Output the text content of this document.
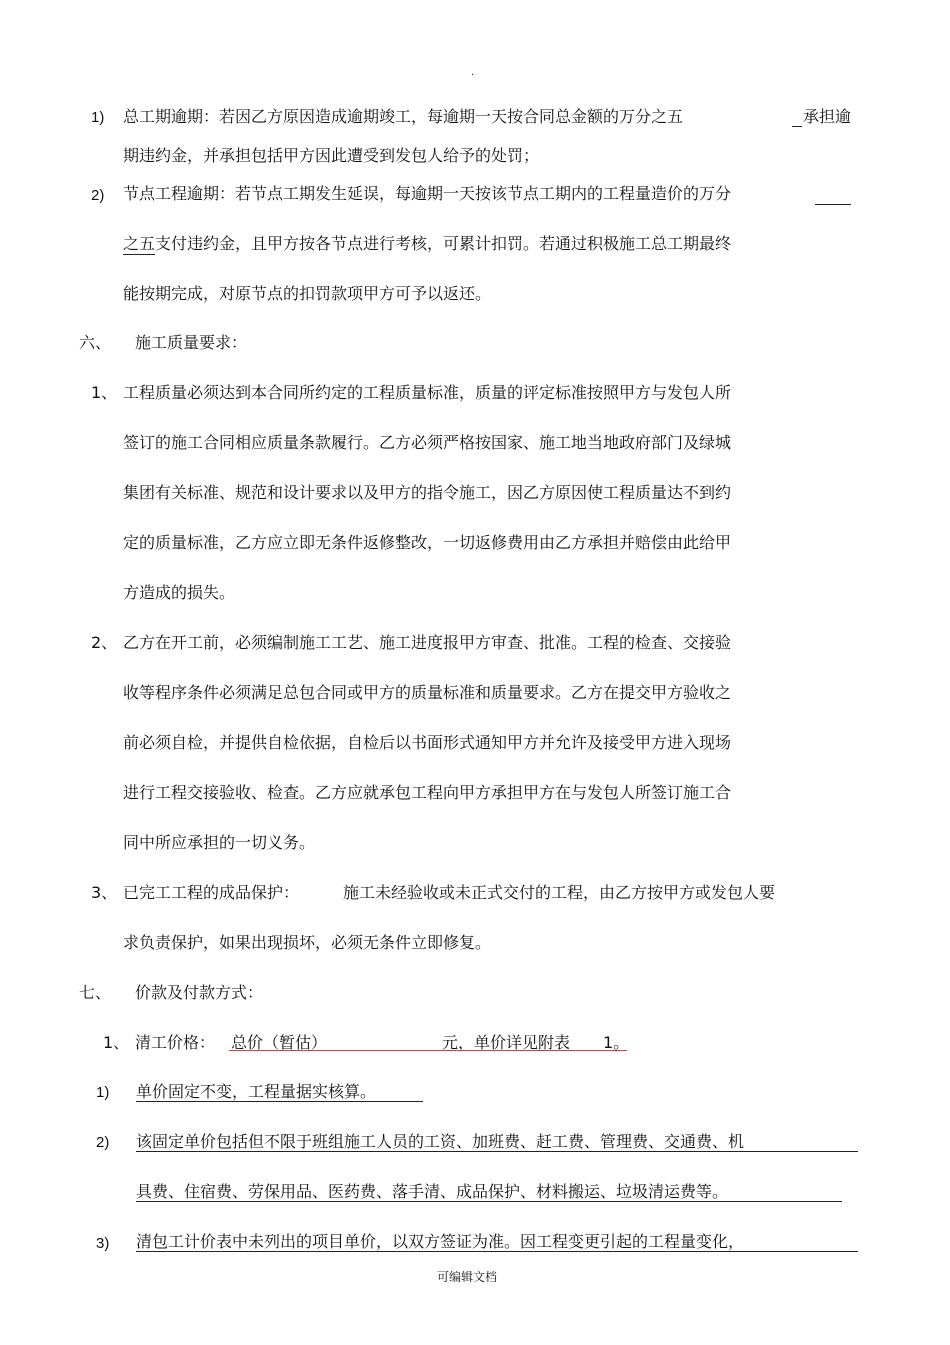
·
1) 总工期逾期：若因乙方原因造成逾期竣工，每逾期一天按合同总金额的万分之五	承担逾
期违约金，并承担包括甲方因此遭受到发包人给予的处罚；
2) 节点工程逾期：若节点工期发生延误，每逾期一天按该节点工期内的工程量造价的万分
之五 支付违约金，且甲方按各节点进行考核，可累计扣罚。若通过积极施工总工期最终
能按期完成，对原节点的扣罚款项甲方可予以返还。
六、 施工质量要求：
1、 工程质量必须达到本合同所约定的工程质量标准，质量的评定标准按照甲方与发包人所
签订的施工合同相应质量条款履行。乙方必须严格按国家、施工地当地政府部门及绿城
集团有关标准、规范和设计要求以及甲方的指令施工，因乙方原因使工程质量达不到约
定的质量标准，乙方应立即无条件返修整改，一切返修费用由乙方承担并赔偿由此给甲
方造成的损失。
2、 乙方在开工前，必须编制施工工艺、施工进度报甲方审查、批准。工程的检查、交接验
收等程序条件必须满足总包合同或甲方的质量标准和质量要求。乙方在提交甲方验收之
前必须自检，并提供自检依据，自检后以书面形式通知甲方并允许及接受甲方进入现场
进行工程交接验收、检查。乙方应就承包工程向甲方承担甲方在与发包人所签订施工合
同中所应承担的一切义务。
3、 已完工工程的成品保护：	施工未经验收或未正式交付的工程，由乙方按甲方或发包人要
求负责保护，如果出现损坏，必须无条件立即修复。
七、 价款及付款方式：
1、 清工价格： 总价（暂估）	元，单价详见附表 1。
1) 单价固定不变，工程量据实核算。
2) 该固定单价包括但不限于班组施工人员的工资、加班费、赶工费、管理费、交通费、机
具费、住宿费、劳保用品、医药费、落手清、成品保护、材料搬运、垃圾清运费等。
3) 清包工计价表中未列出的项目单价，以双方签证为准。因工程变更引起的工程量变化，
可编辑文档
